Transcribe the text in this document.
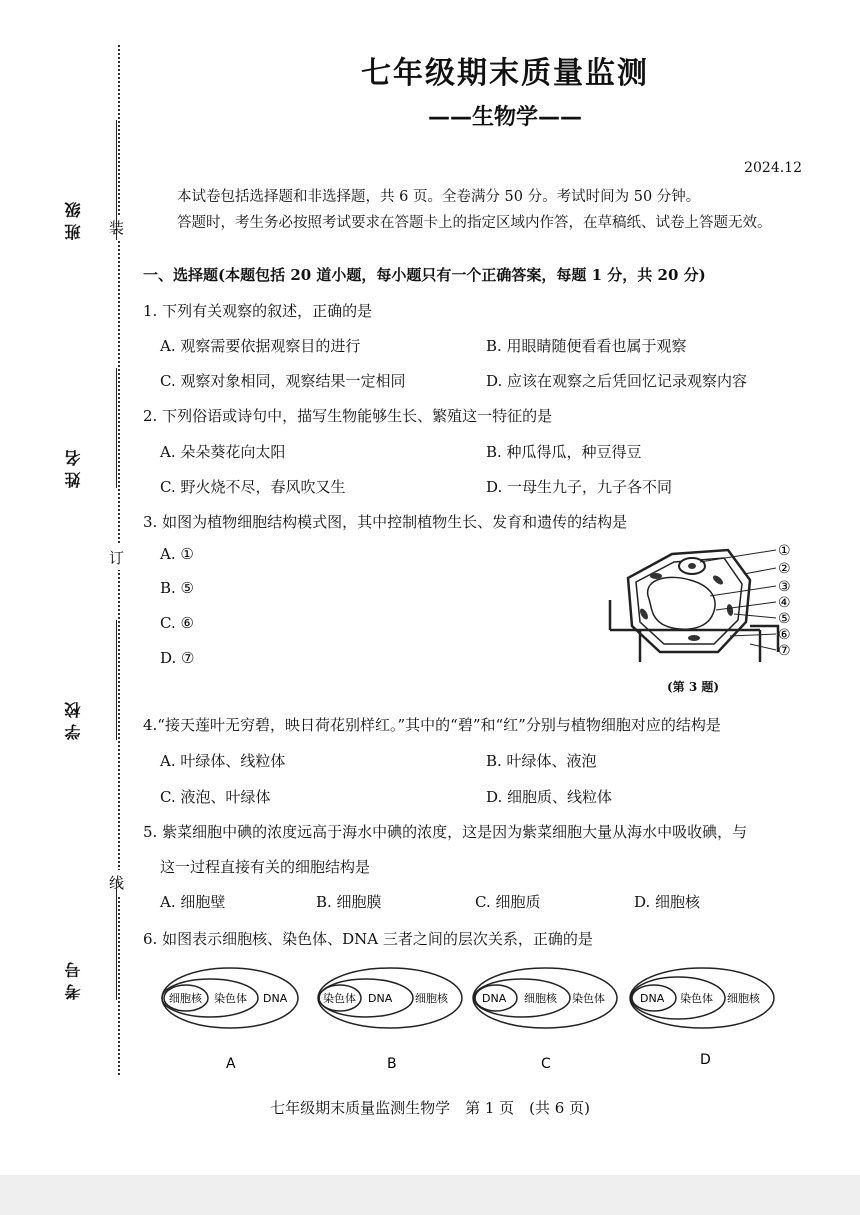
装
订
线
班级
姓名
学校
考号
七年级期末质量监测
——生物学——
2024.12

本试卷包括选择题和非选择题，共 6 页。全卷满分 50 分。考试时间为 50 分钟。

答题时，考生务必按照考试要求在答题卡上的指定区域内作答，在草稿纸、试卷上答题无效。

一、选择题(本题包括 20 道小题，每小题只有一个正确答案，每题 1 分，共 20 分)
1. 下列有关观察的叙述，正确的是
A. 观察需要依据观察目的进行	B. 用眼睛随便看看也属于观察
C. 观察对象相同，观察结果一定相同	D. 应该在观察之后凭回忆记录观察内容
2. 下列俗语或诗句中，描写生物能够生长、繁殖这一特征的是
A. 朵朵葵花向太阳	B. 种瓜得瓜，种豆得豆
C. 野火烧不尽，春风吹又生	D. 一母生九子，九子各不同
3. 如图为植物细胞结构模式图，其中控制植物生长、发育和遗传的结构是
A. ①
B. ⑤
C. ⑥
D. ⑦
①
②
③
④
⑤
⑥
⑦
(第 3 题)
4.“接天莲叶无穷碧，映日荷花别样红。”其中的“碧”和“红”分别与植物细胞对应的结构是
A. 叶绿体、线粒体	B. 叶绿体、液泡
C. 液泡、叶绿体	D. 细胞质、线粒体
5. 紫菜细胞中碘的浓度远高于海水中碘的浓度，这是因为紫菜细胞大量从海水中吸收碘，与
这一过程直接有关的细胞结构是
A. 细胞壁	B. 细胞膜	C. 细胞质	D. 细胞核
6. 如图表示细胞核、染色体、DNA 三者之间的层次关系，正确的是
细胞核 染色体 DNA
A
染色体 DNA 细胞核
B
DNA 细胞核 染色体
C
DNA 染色体 细胞核
D
七年级期末质量监测生物学　第 1 页　(共 6 页)
